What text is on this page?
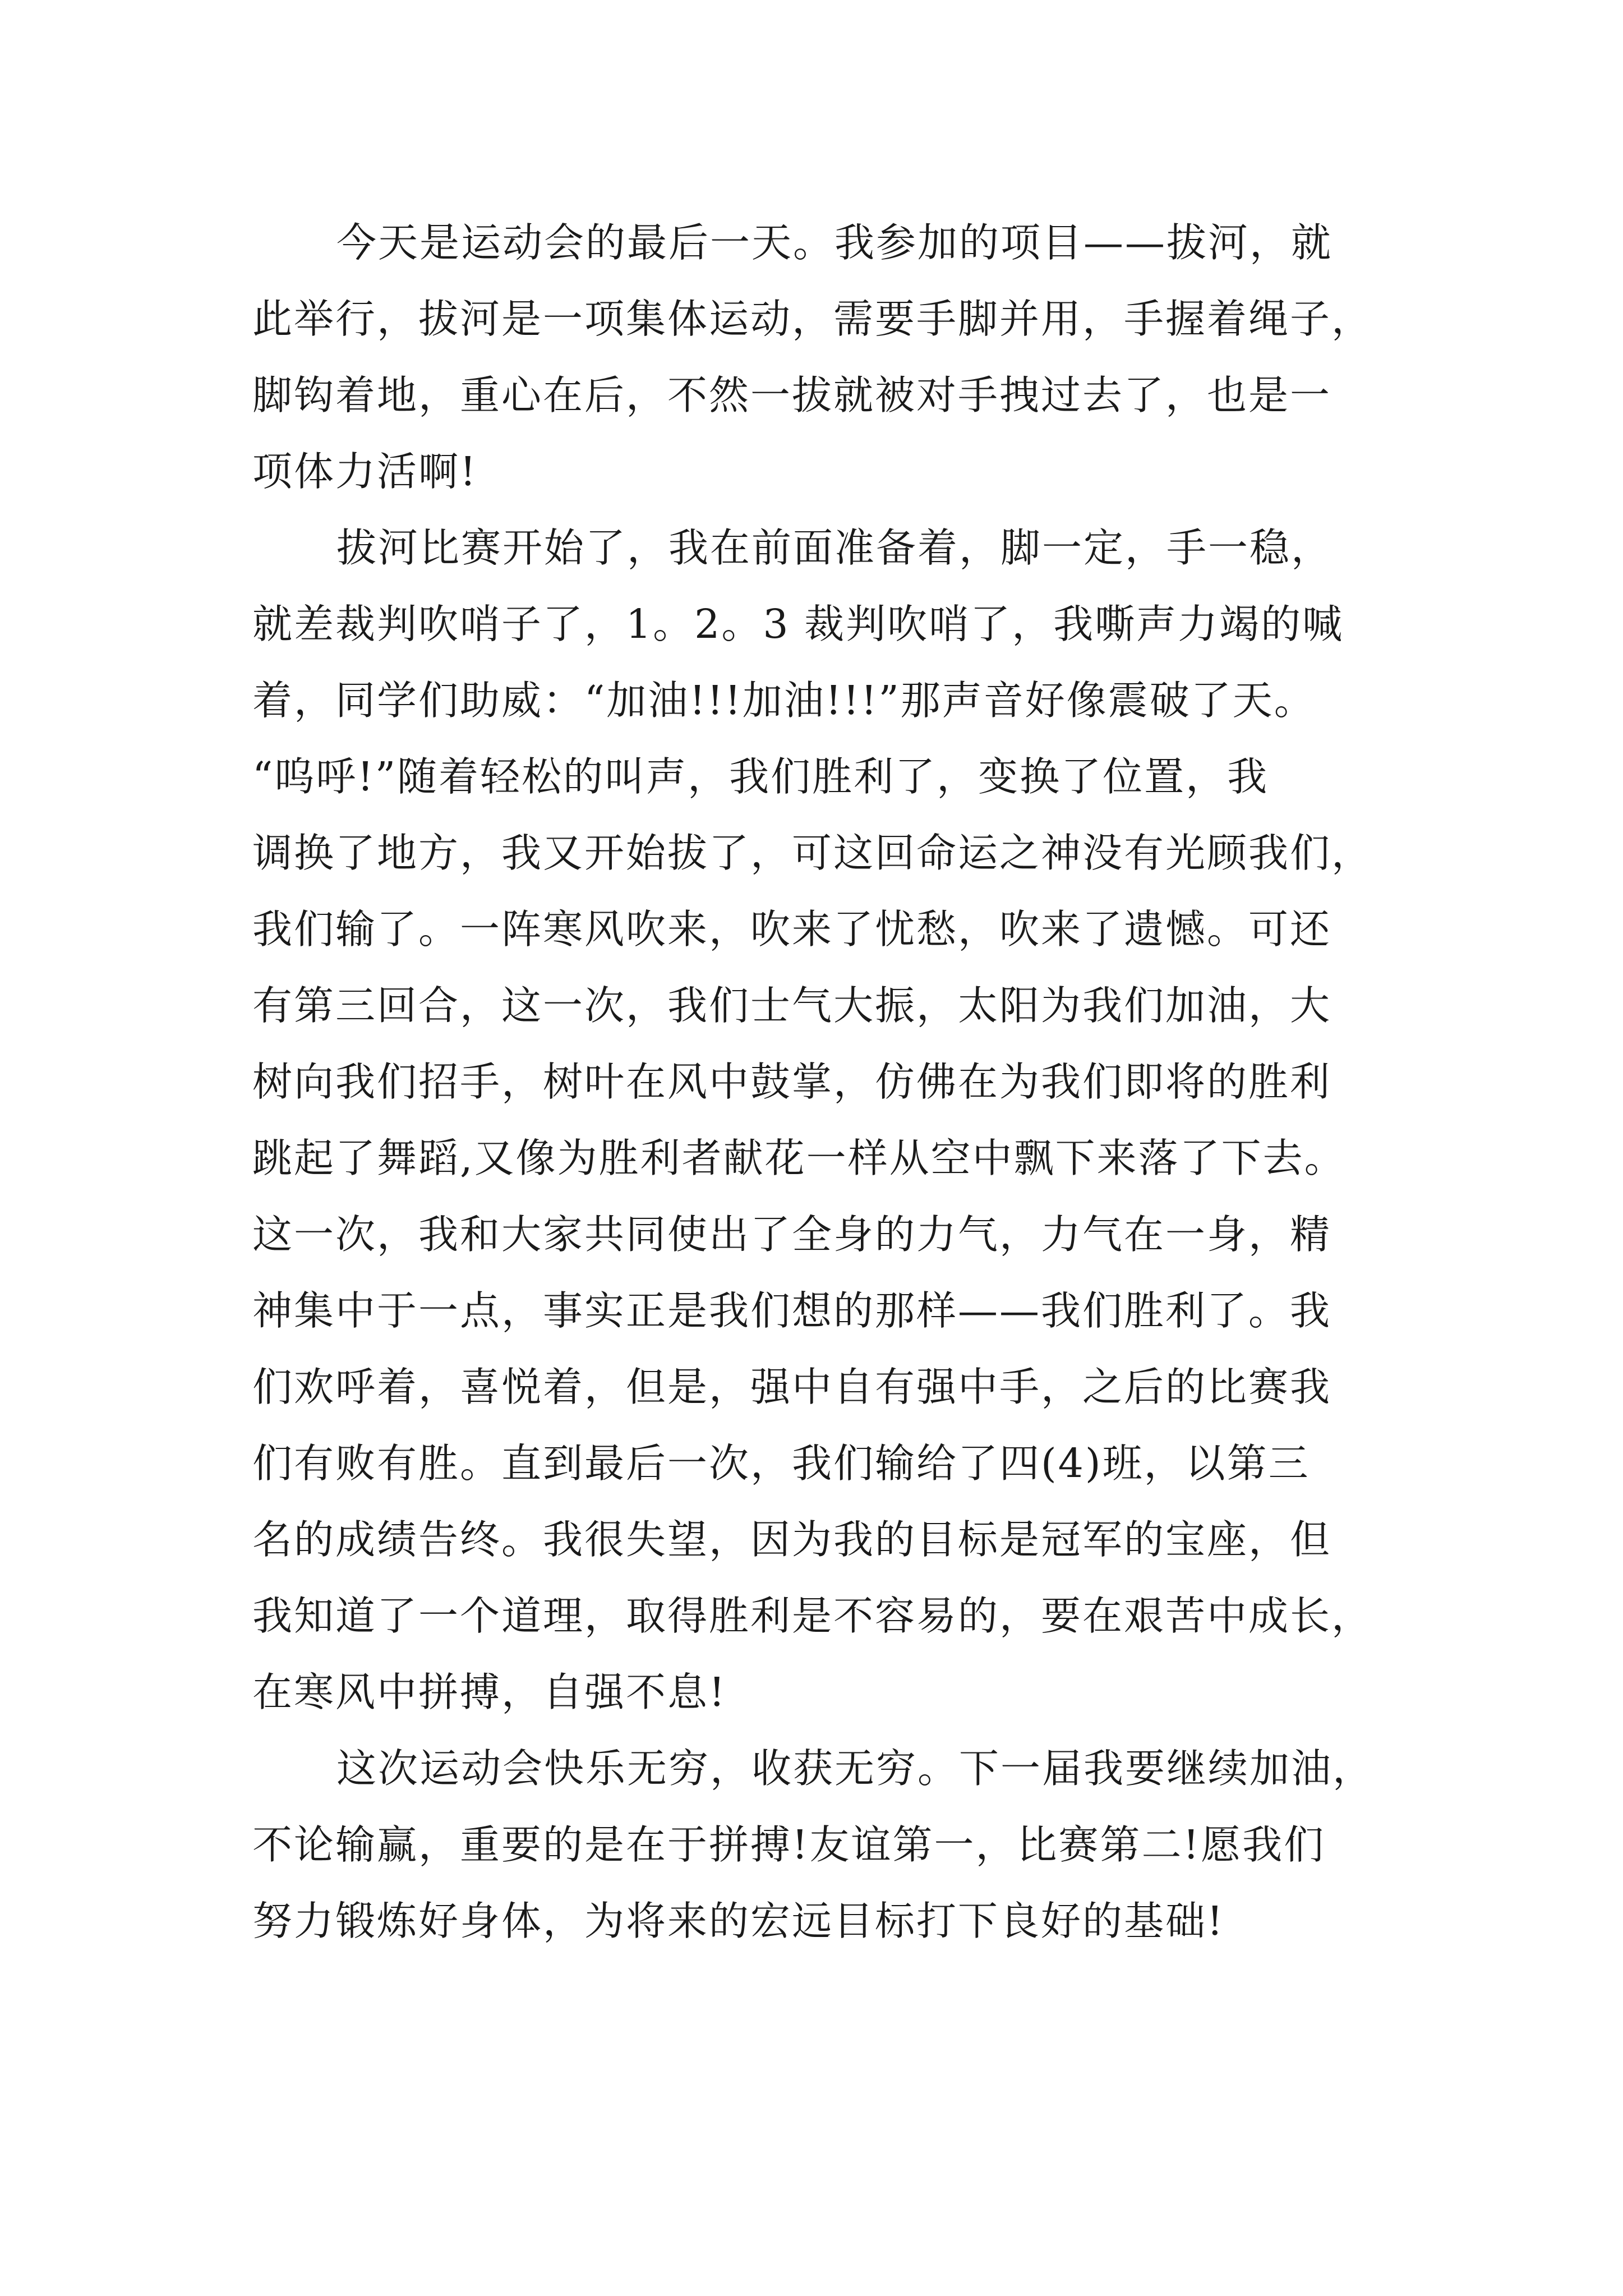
今天是运动会的最后一天。我参加的项目——拔河，就
此举行，拔河是一项集体运动，需要手脚并用，手握着绳子，
脚钩着地，重心在后，不然一拔就被对手拽过去了，也是一
项体力活啊!
拔河比赛开始了，我在前面准备着，脚一定，手一稳，
就差裁判吹哨子了，1。2。3 裁判吹哨了，我嘶声力竭的喊
着，同学们助威：“加油!!!加油!!!”那声音好像震破了天。
“呜呼!”随着轻松的叫声，我们胜利了，变换了位置，我
调换了地方，我又开始拔了，可这回命运之神没有光顾我们，
我们输了。一阵寒风吹来，吹来了忧愁，吹来了遗憾。可还
有第三回合，这一次，我们士气大振，太阳为我们加油，大
树向我们招手，树叶在风中鼓掌，仿佛在为我们即将的胜利
跳起了舞蹈,又像为胜利者献花一样从空中飘下来落了下去。
这一次，我和大家共同使出了全身的力气，力气在一身，精
神集中于一点，事实正是我们想的那样——我们胜利了。我
们欢呼着，喜悦着，但是，强中自有强中手，之后的比赛我
们有败有胜。直到最后一次，我们输给了四(4)班，以第三
名的成绩告终。我很失望，因为我的目标是冠军的宝座，但
我知道了一个道理，取得胜利是不容易的，要在艰苦中成长，
在寒风中拼搏，自强不息!
这次运动会快乐无穷，收获无穷。下一届我要继续加油，
不论输赢，重要的是在于拼搏!友谊第一，比赛第二!愿我们
努力锻炼好身体，为将来的宏远目标打下良好的基础!
